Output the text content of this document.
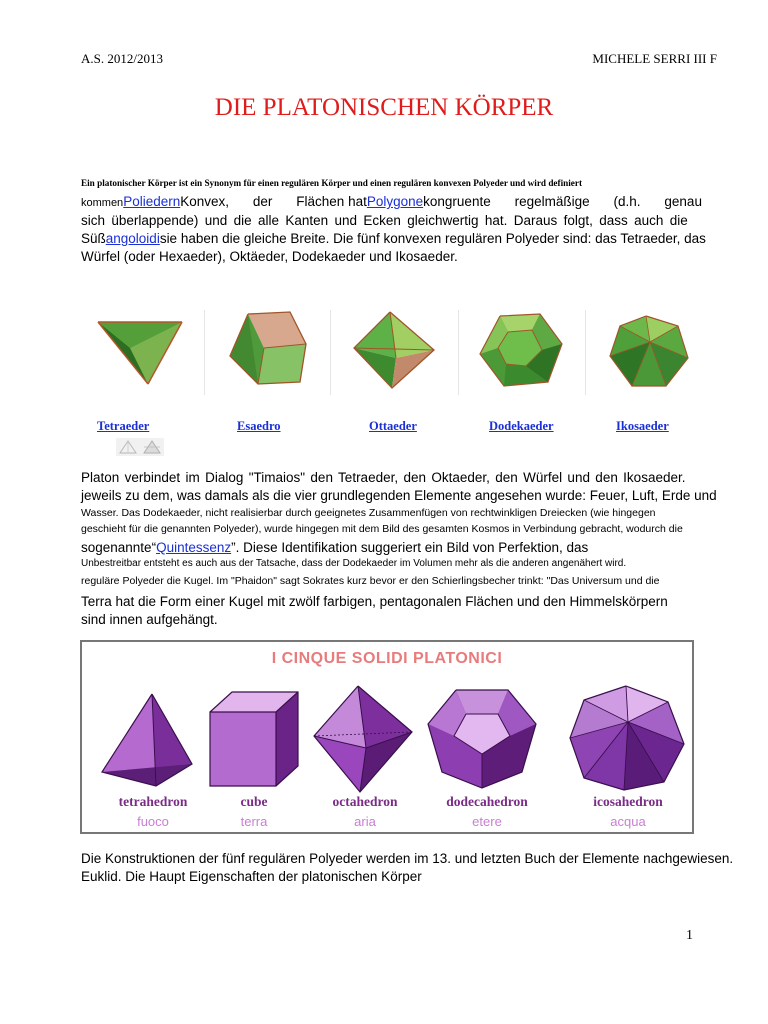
A.S. 2012/2013	MICHELE SERRI III F
DIE PLATONISCHEN KÖRPER
Ein platonischer Körper ist ein Synonym für einen regulären Körper und einen regulären konvexen Polyeder und wird definiert
kommenPoliedernKonvex, der Flächen hatPolygonekongruente regelmäßige (d.h. genau
sich überlappende) und die alle Kanten und Ecken gleichwertig hat. Daraus folgt, dass auch die
Süßangoloidisie haben die gleiche Breite. Die fünf konvexen regulären Polyeder sind: das Tetraeder, das
Würfel (oder Hexaeder), Oktäeder, Dodekaeder und Ikosaeder.
Tetraeder	Esaedro	Ottaeder	Dodekaeder	Ikosaeder
Platon verbindet im Dialog "Timaios" den Tetraeder, den Oktaeder, den Würfel und den Ikosaeder.
jeweils zu dem, was damals als die vier grundlegenden Elemente angesehen wurde: Feuer, Luft, Erde und
Wasser. Das Dodekaeder, nicht realisierbar durch geeignetes Zusammenfügen von rechtwinkligen Dreiecken (wie hingegen
geschieht für die genannten Polyeder), wurde hingegen mit dem Bild des gesamten Kosmos in Verbindung gebracht, wodurch die
sogenannte“Quintessenz”. Diese Identifikation suggeriert ein Bild von Perfektion, das
Unbestreitbar entsteht es auch aus der Tatsache, dass der Dodekaeder im Volumen mehr als die anderen angenähert wird.
reguläre Polyeder die Kugel. Im "Phaidon" sagt Sokrates kurz bevor er den Schierlingsbecher trinkt: "Das Universum und die
Terra hat die Form einer Kugel mit zwölf farbigen, pentagonalen Flächen und den Himmelskörpern
sind innen aufgehängt.
I CINQUE SOLIDI PLATONICI
tetrahedron
fuoco
cube
terra
octahedron
aria
dodecahedron
etere
icosahedron
acqua
Die Konstruktionen der fünf regulären Polyeder werden im 13. und letzten Buch der Elemente nachgewiesen.
Euklid. Die Haupt Eigenschaften der platonischen Körper
1
